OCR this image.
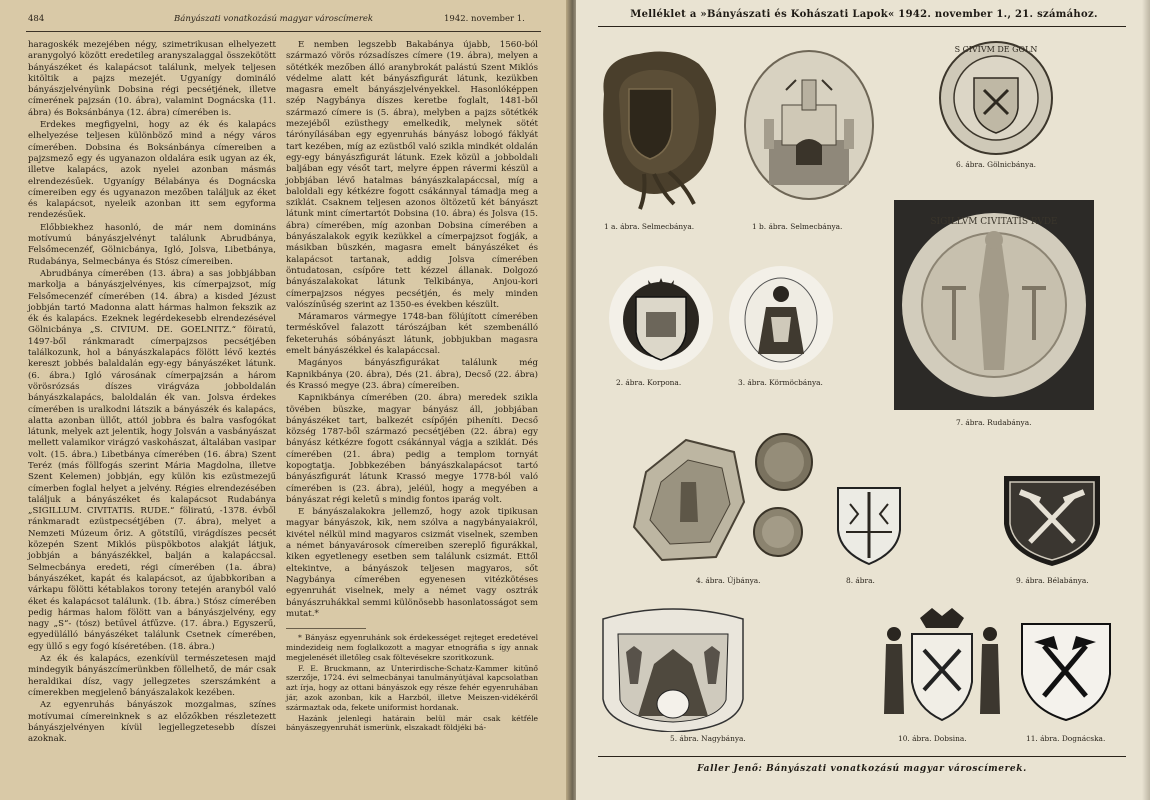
484	Bányászati vonatkozású magyar városcímerek	1942. november 1.

haragoskék mezejében négy, szimetrikusan elhelyezett aranygolyó között eredetileg aranyszalaggal összekötött bányászéket és kalapácsot találunk, melyek teljesen kitöltik a pajzs mezejét. Ugyanígy domináló bányászjelvényünk Dobsina régi pecsétjének, illetve címerének pajzsán (10. ábra), valamint Dognácska (11. ábra) és Boksánbánya (12. ábra) címerében is.

Erdekes megfigyelni, hogy az ék és kalapács elhelyezése teljesen különböző mind a négy város címerében. Dobsina és Boksánbánya címereiben a pajzsmező egy és ugyanazon oldalára esik ugyan az ék, illetve kalapács, azok nyelei azonban másmás elrendezésűek. Ugyanígy Bélabánya és Dognácska címereiben egy és ugyanazon mezőben találjuk az éket és kalapácsot, nyeleik azonban itt sem egyforma rendezésűek.

Előbbiekhez hasonló, de már nem domináns motívumú bányászjelvényt találunk Abrudbánya, Felsőmecenzéf, Gölnicbánya, Igló, Jolsva, Libetbánya, Rudabánya, Selmecbánya és Stósz címereiben.

Abrudbánya címerében (13. ábra) a sas jobbjábban markolja a bányászjelvényes, kis címerpajzsot, míg Felsőmecenzéf címerében (14. ábra) a kisded Jézust jobbján tartó Madonna alatt hármas halmon fekszik az ék és kalapács. Ezeknek legérdekesebb elrendezésével Gölnicbánya „S. CIVIUM. DE. GOELNITZ.“ föiratú, 1497-ből ránkmaradt címerpajzsos pecsétjében találkozunk, hol a bányászkalapács fölött lévő keztés kereszt jobbés balaldalán egy-egy bányászéket látunk. (6. ábra.) Igló városának címerpajzsán a három vörösrózsás díszes virágváza jobboldalán bányászkalapács, baloldalán ék van. Jolsva érdekes címerében is uralkodni látszik a bányászék és kalapács, alatta azonban üllőt, attól jobbra és balra vasfogókat látunk, melyek azt jelentik, hogy Jolsván a vasbányászat mellett valamikor virágzó vaskohászat, általában vasipar volt. (15. ábra.) Libetbánya címerében (16. ábra) Szent Teréz (más föllfogás szerint Mária Magdolna, illetve Szent Kelemen) jobbján, egy külön kis ezüstmezejű címerben foglal helyet a jelvény. Régies elrendezésében találjuk a bányászéket és kalapácsot Rudabánya „SIGILLUM. CIVITATIS. RUDE.“ föliratú, -1378. évből ránkmaradt ezüstpecsétjében (7. ábra), melyet a Nemzeti Múzeum őriz. A götstílű, virágdíszes pecsét közepén Szent Miklós püspökbotos alakját látjuk, jobbján a bányászékkel, balján a kalapáccsal. Selmecbánya eredeti, régi címerében (1a. ábra) bányászéket, kapát és kalapácsot, az újabbkoriban a várkapu fölötti kétablakos torony tetején aranyból való éket és kalapácsot találunk. (1b. ábra.) Stósz címerében pedig hármas halom fölött van a bányászjelvény, egy nagy „S“- (tósz) betűvel átfűzve. (17. ábra.) Egyszerű, egyedülálló bányászéket találunk Csetnek címerében, egy üllő s egy fogó kíséretében. (18. ábra.)

Az ék és kalapács, ezenkívül természetesen majd mindegyik bányászcímerünkben föllelhető, de már csak heraldikai dísz, vagy jellegzetes szerszámként a címerekben megjelenő bányászalakok kezében.

Az egyenruhás bányászok mozgalmas, színes motívumai címereinknek s az előzőkben részletezett bányászjelvényen kívül legjellegzetesebb díszei azoknak.

E nemben legszebb Bakabánya újabb, 1560-ból származó vörös rózsadíszes címere (19. ábra), melyen a sötétkék mezőben álló aranybrokát palástú Szent Miklós védelme alatt két bányászfigurát látunk, kezükben magasra emelt bányászjelvényekkel. Hasonlóképpen szép Nagybánya díszes keretbe foglalt, 1481-ből származó címere is (5. ábra), melyben a pajzs sötétkék mezejéből ezüsthegy emelkedik, melynek sötét tárónyílásában egy egyenruhás bányász lobogó fáklyát tart kezében, míg az ezüstből való szikla mindkét oldalán egy-egy bányászfigurát látunk. Ezek közül a jobboldali baljában egy vésőt tart, melyre éppen rávermi készül a jobbjában lévő hatalmas bányászkalapáccsal, míg a baloldali egy kétkézre fogott csákánnyal támadja meg a sziklát. Csaknem teljesen azonos öltözetű két bányászt látunk mint címertartót Dobsina (10. ábra) és Jolsva (15. ábra) címerében, míg azonban Dobsina címerében a bányászalakok egyik kezükkel a címerpajzsot fogják, a másikban büszkén, magasra emelt bányászéket és kalapácsot tartanak, addig Jolsva címerében öntudatosan, csípőre tett kézzel állanak. Dolgozó bányászalakokat látunk Telkibánya, Anjou-kori címerpajzsos négyes pecsétjén, és mely minden valószínűség szerint az 1350-es években készült.

Máramaros vármegye 1748-ban fölújított címerében terméskővel falazott tárószájban két szembenálló feketeruhás sóbányászt látunk, jobbjukban magasra emelt bányászékkel és kalapáccsal.

Magányos bányászfigurákat találunk még Kapnikbánya (20. ábra), Dés (21. ábra), Decső (22. ábra) és Krassó megye (23. ábra) címereiben.

Kapnikbánya címerében (20. ábra) meredek szikla tövében büszke, magyar bányász áll, jobbjában bányászéket tart, balkezét csípőjén piheníti. Decső község 1787-ből származó pecsétjében (22. ábra) egy bányász kétkézre fogott csákánnyal vágja a sziklát. Dés címerében (21. ábra) pedig a templom tornyát kopogtatja. Jobbkezében bányászkalapácsot tartó bányászfigurát látunk Krassó megye 1778-ból való címerében is (23. ábra), jeléül, hogy a megyében a bányászat régi keletű s mindig fontos iparág volt.

E bányászalakokra jellemző, hogy azok tipikusan magyar bányászok, kik, nem szólva a nagybányaiakról, kivétel nélkül mind magyaros csizmát viselnek, szemben a német bányavárosok címereiben szereplő figurákkal, kiken egyetlenegy esetben sem találunk csizmát. Ettől eltekintve, a bányászok teljesen magyaros, sőt Nagybánya címerében egyenesen vitézkötéses egyenruhát viselnek, mely a német vagy osztrák bányászruhákkal semmi különösebb hasonlatosságot sem mutat.*

* Bányász egyenruhánk sok érdekességet rejteget eredetével mindezideig nem foglalkozott a magyar etnográfia s így annak megjelenését illetőleg csak föltevésekre szoritkozunk.

F. E. Bruckmann, az Unterirdische-Schatz-Kammer kitűnő szerzője, 1724. évi selmecbányai tanulmányútjával kapcsolatban azt írja, hogy az ottani bányászok egy része fehér egyenruhában jár, azok azonban, kik a Harzból, illetve Meiszen-vidékéről származtak oda, fekete uniformist hordanak.

Hazánk jelenlegi határain belül már csak kétféle bányászegyenruhát ismerünk, elszakadt földjéki bá-

Melléklet a »Bányászati és Kohászati Lapok« 1942. november 1., 21. számához.
1 a. ábra. Selmecbánya.	1 b. ábra. Selmecbánya.
S CIVIVM DE GOLN
6. ábra. Gölnicbánya.
2. ábra. Korpona.	3. ábra. Körmöcbánya.
SIGILLVM CIVITATIS RVDE
7. ábra. Rudabánya.
4. ábra. Újbánya.	8. ábra.	9. ábra. Bélabánya.
5. ábra. Nagybánya.	10. ábra. Dobsina.	11. ábra. Dognácska.
Faller Jenő: Bányászati vonatkozású magyar városcímerek.
